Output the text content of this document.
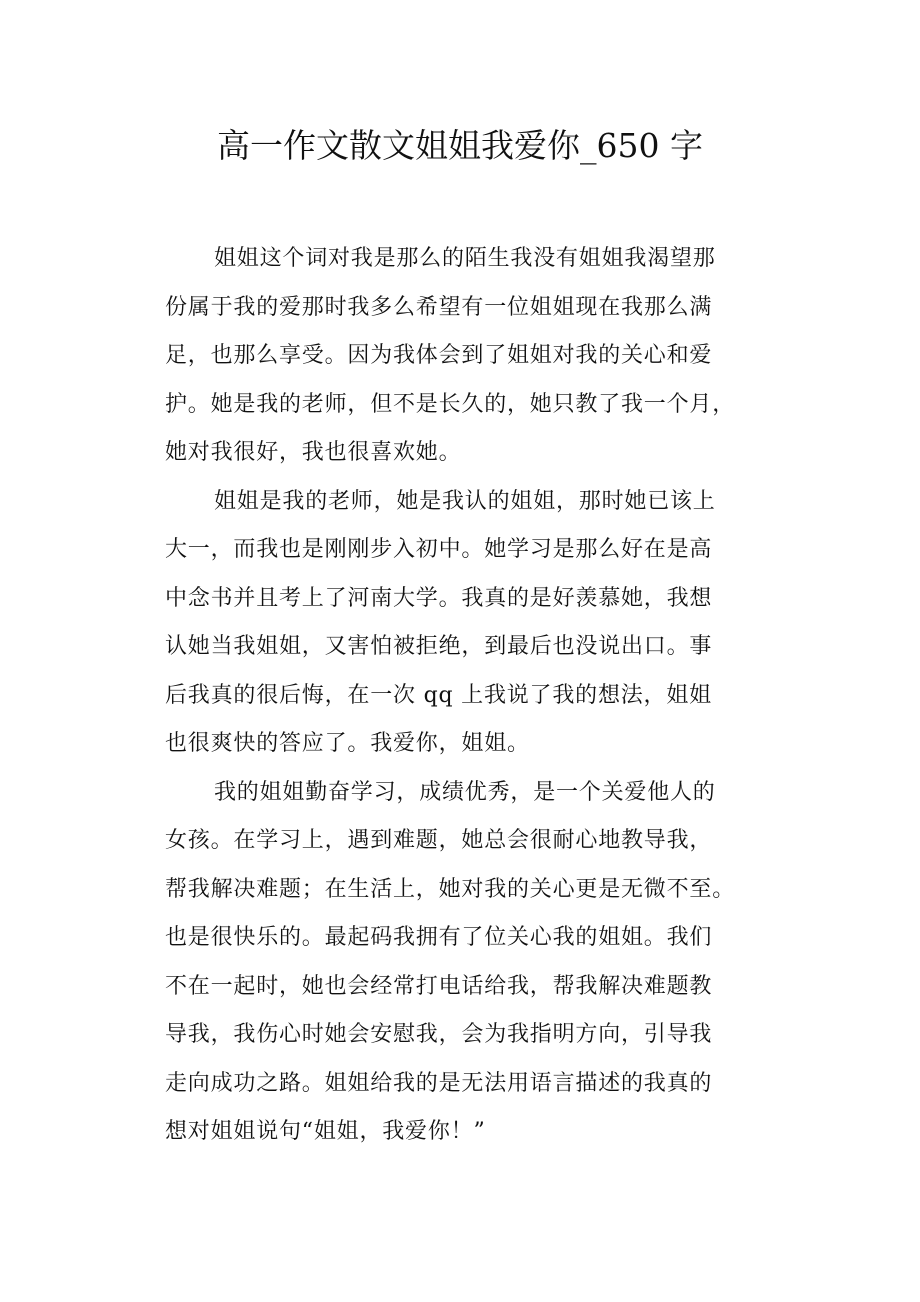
高一作文散文姐姐我爱你_650 字

姐姐这个词对我是那么的陌生我没有姐姐我渴望那
份属于我的爱那时我多么希望有一位姐姐现在我那么满
足，也那么享受。因为我体会到了姐姐对我的关心和爱
护。她是我的老师，但不是长久的，她只教了我一个月，
她对我很好，我也很喜欢她。

姐姐是我的老师，她是我认的姐姐，那时她已该上
大一，而我也是刚刚步入初中。她学习是那么好在是高
中念书并且考上了河南大学。我真的是好羡慕她，我想
认她当我姐姐，又害怕被拒绝，到最后也没说出口。事
后我真的很后悔，在一次 qq 上我说了我的想法，姐姐
也很爽快的答应了。我爱你，姐姐。

我的姐姐勤奋学习，成绩优秀，是一个关爱他人的
女孩。在学习上，遇到难题，她总会很耐心地教导我，
帮我解决难题；在生活上，她对我的关心更是无微不至。
也是很快乐的。最起码我拥有了位关心我的姐姐。我们
不在一起时，她也会经常打电话给我，帮我解决难题教
导我，我伤心时她会安慰我，会为我指明方向，引导我
走向成功之路。姐姐给我的是无法用语言描述的我真的
想对姐姐说句“姐姐，我爱你！”
